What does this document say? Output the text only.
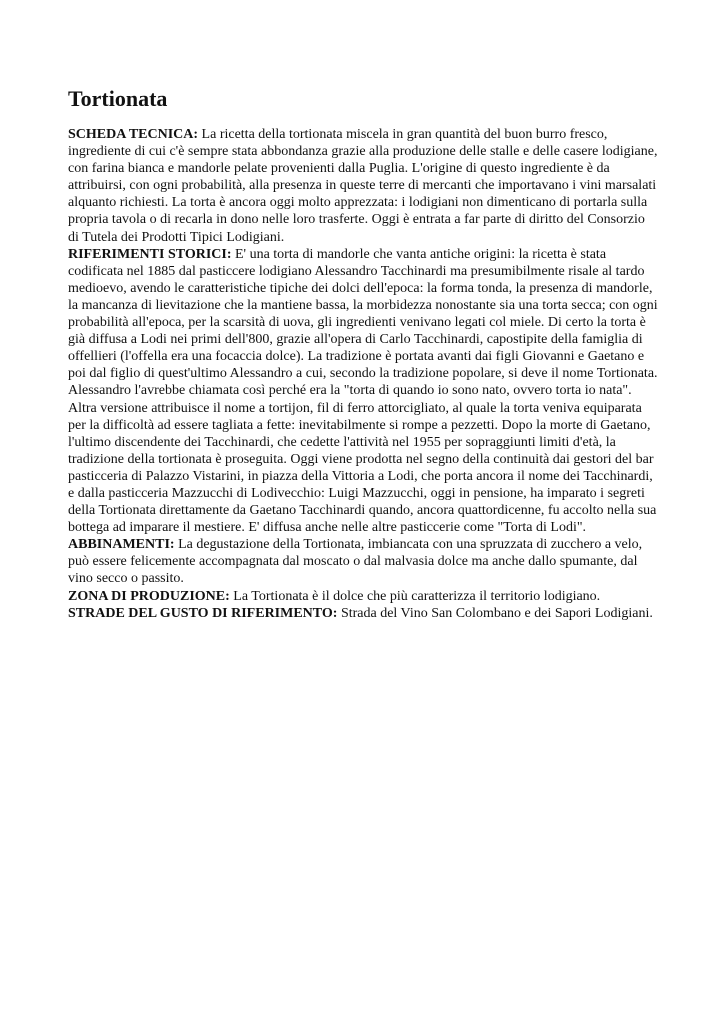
Tortionata

SCHEDA TECNICA: La ricetta della tortionata miscela in gran quantità del buon burro fresco, ingrediente di cui c'è sempre stata abbondanza grazie alla produzione delle stalle e delle casere lodigiane, con farina bianca e mandorle pelate provenienti dalla Puglia. L'origine di questo ingrediente è da attribuirsi, con ogni probabilità, alla presenza in queste terre di mercanti che importavano i vini marsalati alquanto richiesti. La torta è ancora oggi molto apprezzata: i lodigiani non dimenticano di portarla sulla propria tavola o di recarla in dono nelle loro trasferte. Oggi è entrata a far parte di diritto del Consorzio di Tutela dei Prodotti Tipici Lodigiani.

RIFERIMENTI STORICI: E' una torta di mandorle che vanta antiche origini: la ricetta è stata codificata nel 1885 dal pasticcere lodigiano Alessandro Tacchinardi ma presumibilmente risale al tardo medioevo, avendo le caratteristiche tipiche dei dolci dell'epoca: la forma tonda, la presenza di mandorle, la mancanza di lievitazione che la mantiene bassa, la morbidezza nonostante sia una torta secca; con ogni probabilità all'epoca, per la scarsità di uova, gli ingredienti venivano legati col miele. Di certo la torta è già diffusa a Lodi nei primi dell'800, grazie all'opera di Carlo Tacchinardi, capostipite della famiglia di offellieri (l'offella era una focaccia dolce). La tradizione è portata avanti dai figli Giovanni e Gaetano e poi dal figlio di quest'ultimo Alessandro a cui, secondo la tradizione popolare, si deve il nome Tortionata. Alessandro l'avrebbe chiamata così perché era la "torta di quando io sono nato, ovvero torta io nata". Altra versione attribuisce il nome a tortijon, fil di ferro attorcigliato, al quale la torta veniva equiparata per la difficoltà ad essere tagliata a fette: inevitabilmente si rompe a pezzetti. Dopo la morte di Gaetano, l'ultimo discendente dei Tacchinardi, che cedette l'attività nel 1955 per sopraggiunti limiti d'età, la tradizione della tortionata è proseguita. Oggi viene prodotta nel segno della continuità dai gestori del bar pasticceria di Palazzo Vistarini, in piazza della Vittoria a Lodi, che porta ancora il nome dei Tacchinardi, e dalla pasticceria Mazzucchi di Lodivecchio: Luigi Mazzucchi, oggi in pensione, ha imparato i segreti della Tortionata direttamente da Gaetano Tacchinardi quando, ancora quattordicenne, fu accolto nella sua bottega ad imparare il mestiere. E' diffusa anche nelle altre pasticcerie come "Torta di Lodi".

ABBINAMENTI: La degustazione della Tortionata, imbiancata con una spruzzata di zucchero a velo, può essere felicemente accompagnata dal moscato o dal malvasia dolce ma anche dallo spumante, dal vino secco o passito.

ZONA DI PRODUZIONE: La Tortionata è il dolce che più caratterizza il territorio lodigiano.

STRADE DEL GUSTO DI RIFERIMENTO: Strada del Vino San Colombano e dei Sapori Lodigiani.
